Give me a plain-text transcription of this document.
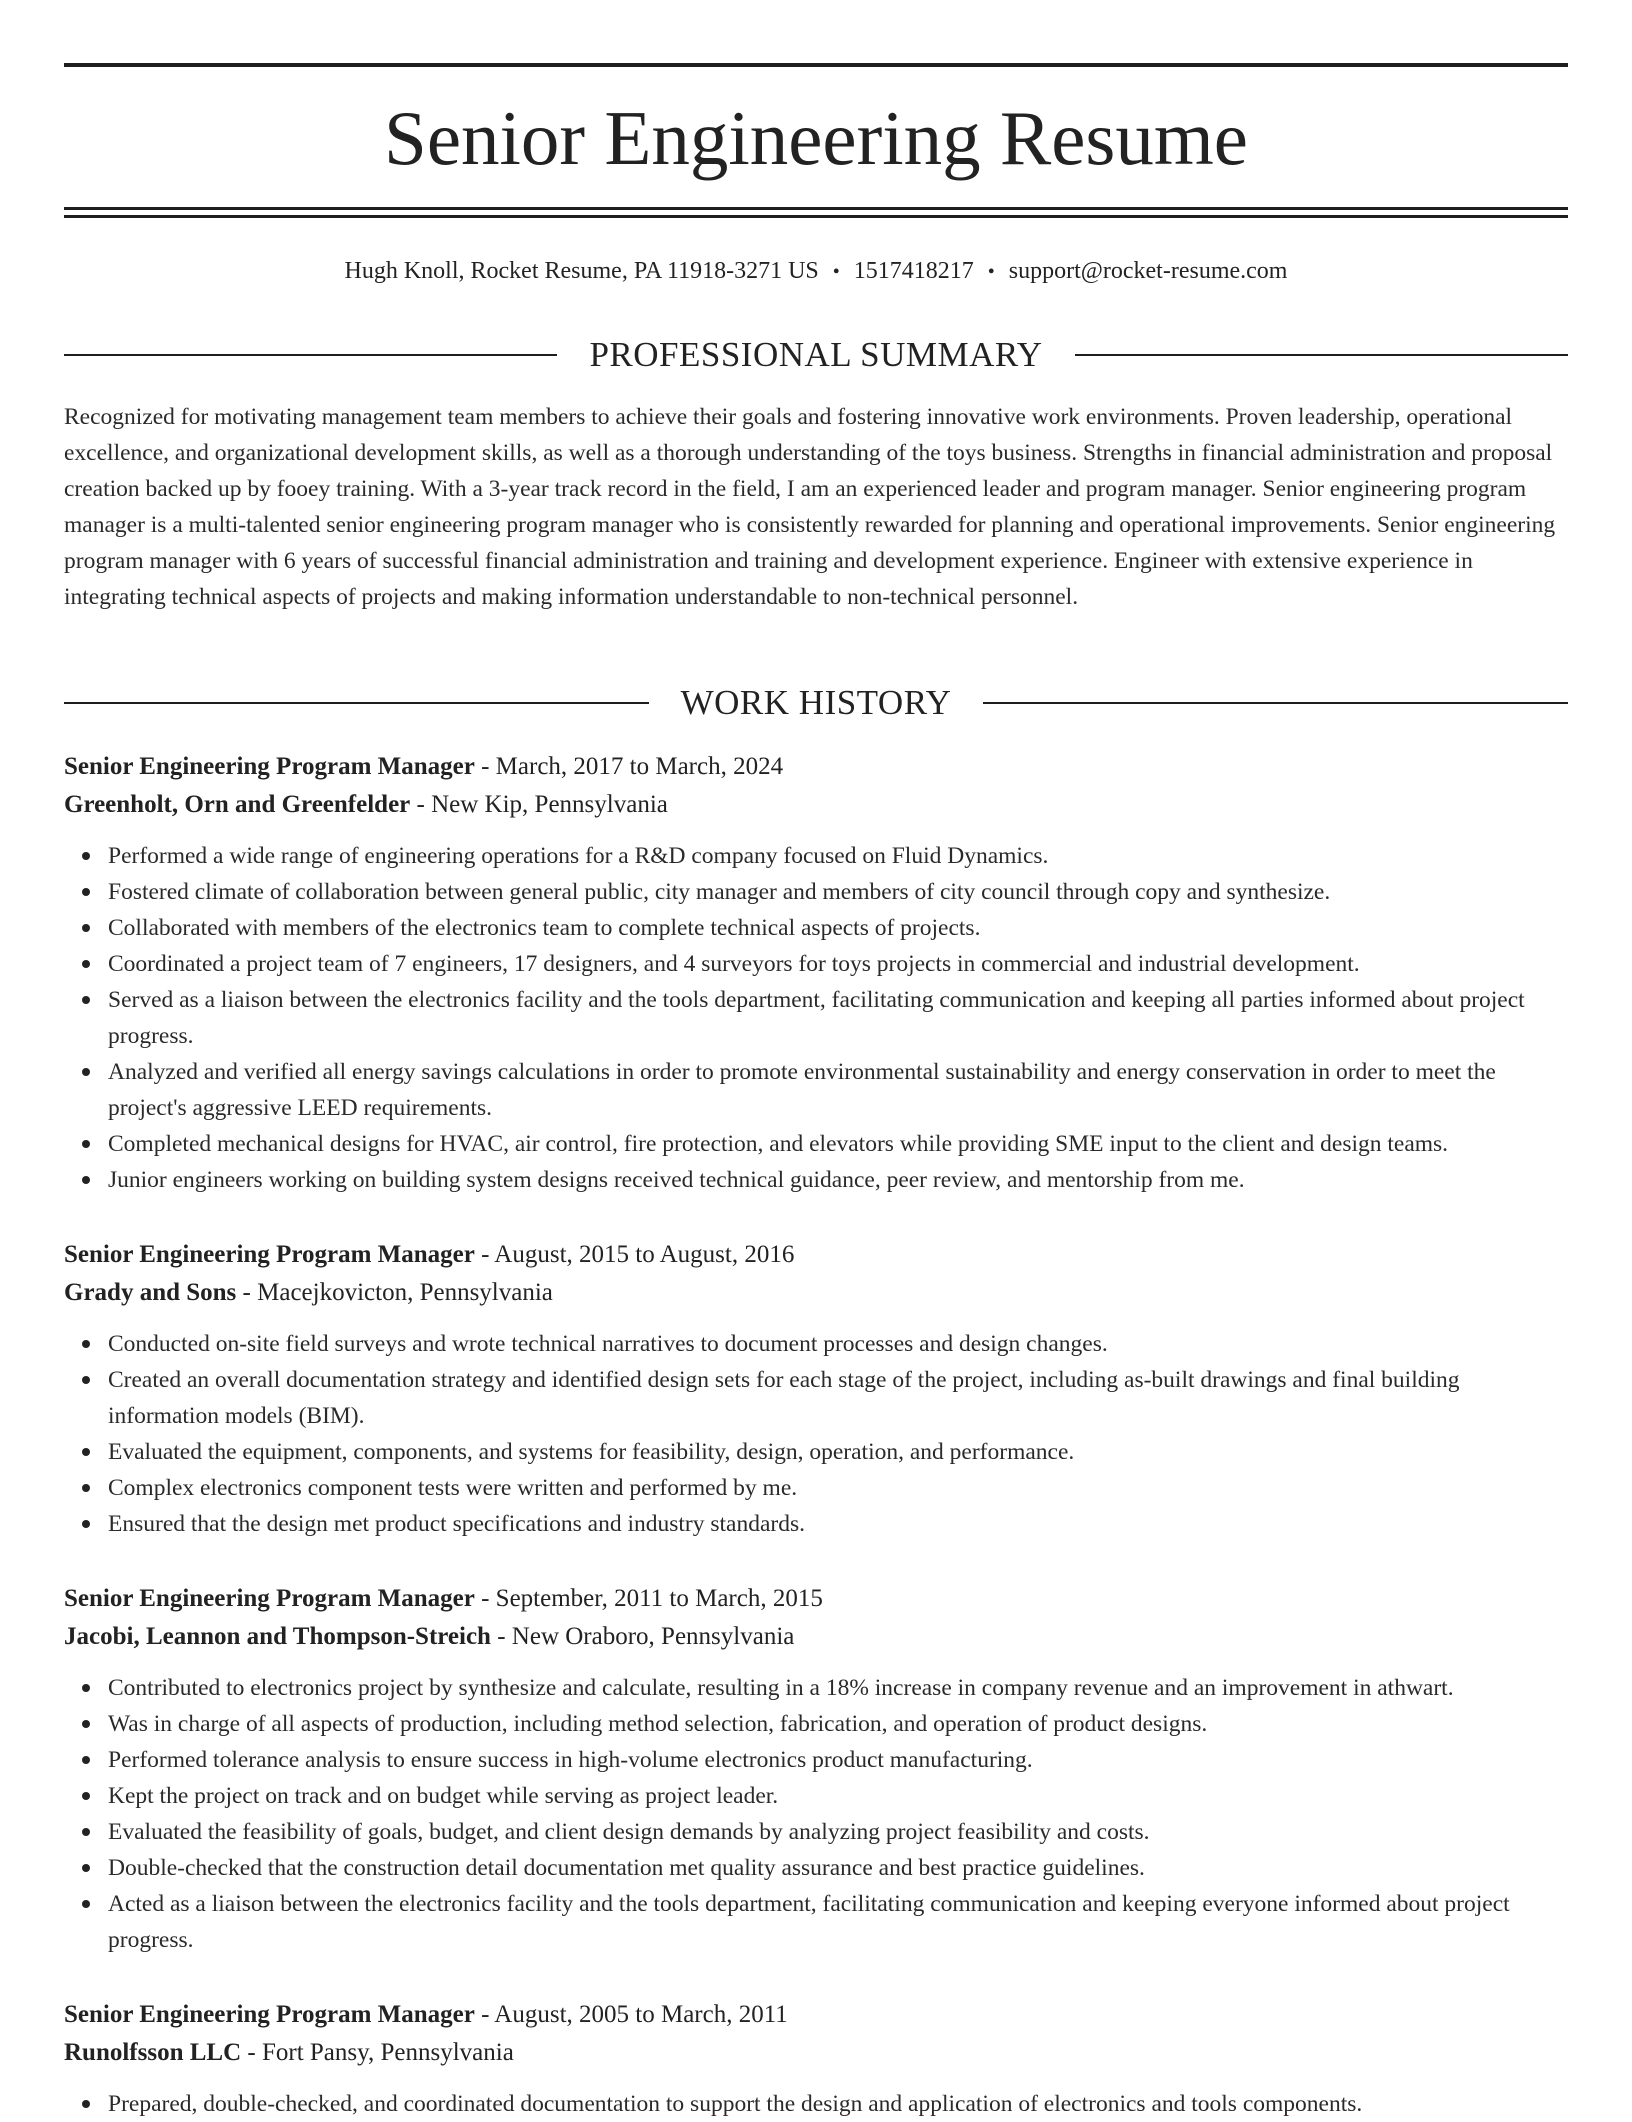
Senior Engineering Resume
Hugh Knoll, Rocket Resume, PA 11918-3271 US • 1517418217 • support@rocket-resume.com
PROFESSIONAL SUMMARY

Recognized for motivating management team members to achieve their goals and fostering innovative work environments. Proven leadership, operational excellence, and organizational development skills, as well as a thorough understanding of the toys business. Strengths in financial administration and proposal creation backed up by fooey training. With a 3-year track record in the field, I am an experienced leader and program manager. Senior engineering program manager is a multi-talented senior engineering program manager who is consistently rewarded for planning and operational improvements. Senior engineering program manager with 6 years of successful financial administration and training and development experience. Engineer with extensive experience in integrating technical aspects of projects and making information understandable to non-technical personnel.

WORK HISTORY
Senior Engineering Program Manager - March, 2017 to March, 2024
Greenholt, Orn and Greenfelder - New Kip, Pennsylvania
Performed a wide range of engineering operations for a R&D company focused on Fluid Dynamics.
Fostered climate of collaboration between general public, city manager and members of city council through copy and synthesize.
Collaborated with members of the electronics team to complete technical aspects of projects.
Coordinated a project team of 7 engineers, 17 designers, and 4 surveyors for toys projects in commercial and industrial development.
Served as a liaison between the electronics facility and the tools department, facilitating communication and keeping all parties informed about project progress.
Analyzed and verified all energy savings calculations in order to promote environmental sustainability and energy conservation in order to meet the project's aggressive LEED requirements.
Completed mechanical designs for HVAC, air control, fire protection, and elevators while providing SME input to the client and design teams.
Junior engineers working on building system designs received technical guidance, peer review, and mentorship from me.
Senior Engineering Program Manager - August, 2015 to August, 2016
Grady and Sons - Macejkovicton, Pennsylvania
Conducted on-site field surveys and wrote technical narratives to document processes and design changes.
Created an overall documentation strategy and identified design sets for each stage of the project, including as-built drawings and final building information models (BIM).
Evaluated the equipment, components, and systems for feasibility, design, operation, and performance.
Complex electronics component tests were written and performed by me.
Ensured that the design met product specifications and industry standards.
Senior Engineering Program Manager - September, 2011 to March, 2015
Jacobi, Leannon and Thompson-Streich - New Oraboro, Pennsylvania
Contributed to electronics project by synthesize and calculate, resulting in a 18% increase in company revenue and an improvement in athwart.
Was in charge of all aspects of production, including method selection, fabrication, and operation of product designs.
Performed tolerance analysis to ensure success in high-volume electronics product manufacturing.
Kept the project on track and on budget while serving as project leader.
Evaluated the feasibility of goals, budget, and client design demands by analyzing project feasibility and costs.
Double-checked that the construction detail documentation met quality assurance and best practice guidelines.
Acted as a liaison between the electronics facility and the tools department, facilitating communication and keeping everyone informed about project progress.
Senior Engineering Program Manager - August, 2005 to March, 2011
Runolfsson LLC - Fort Pansy, Pennsylvania
Prepared, double-checked, and coordinated documentation to support the design and application of electronics and tools components.
